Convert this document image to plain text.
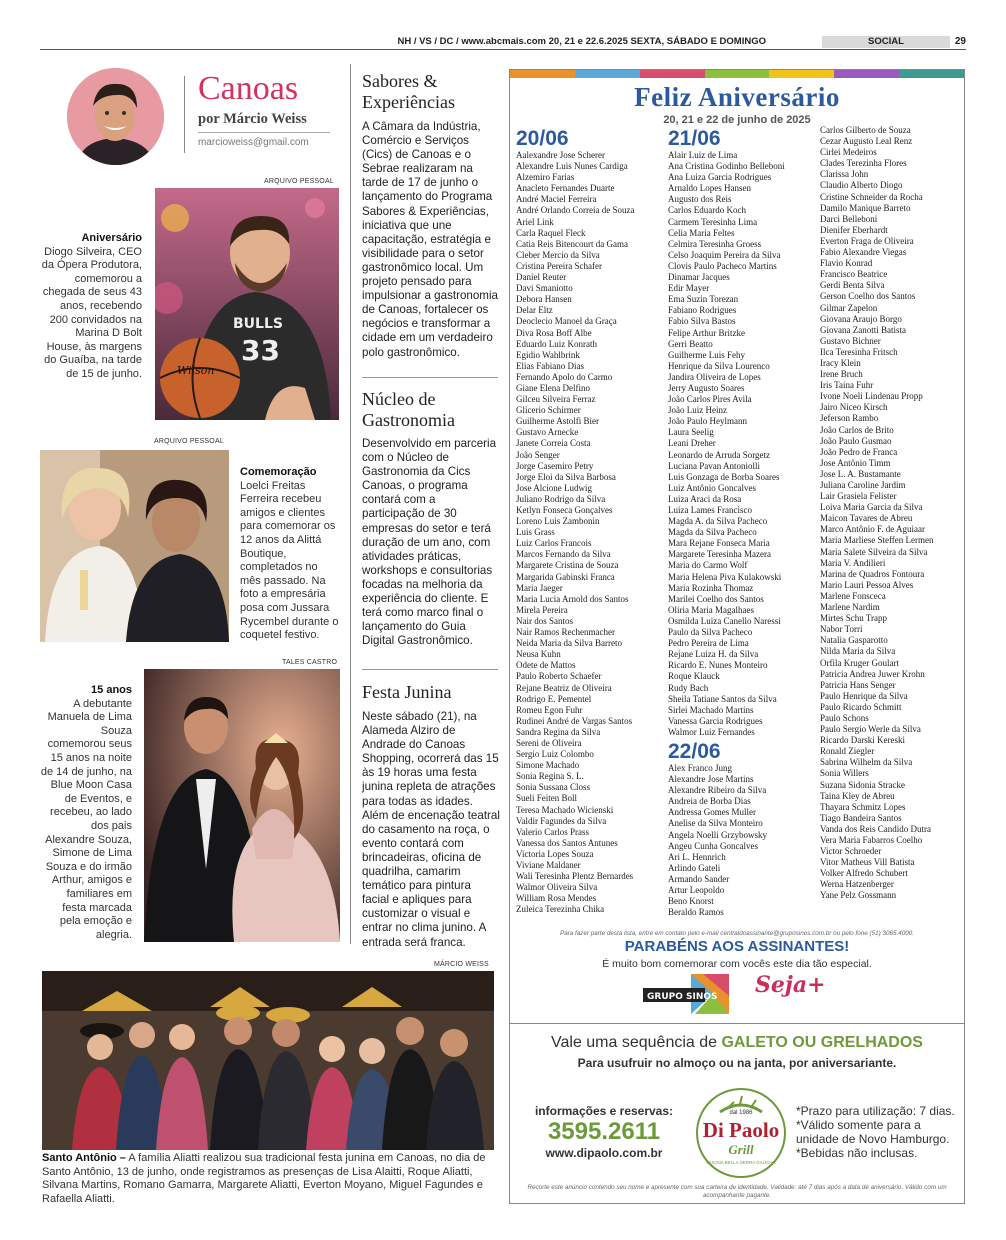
NH / VS / DC / www.abcmais.com 20, 21 e 22.6.2025 SEXTA, SÁBADO E DOMINGO	SOCIAL	29
Canoas
por Márcio Weiss
marcioweiss@gmail.com
ARQUIVO PESSOAL
BULLS
33
Wilson
Aniversário
Diogo Silveira, CEO da Ópera Produtora, comemorou a chegada de seus 43 anos, recebendo 200 convidados na Marina D Bolt House, às margens do Guaíba, na tarde de 15 de junho.
ARQUIVO PESSOAL
Comemoração
Loelci Freitas Ferreira recebeu amigos e clientes para comemorar os 12 anos da Alittá Boutique, completados no mês passado. Na foto a empresária posa com Jussara Rycembel durante o coquetel festivo.
TALES CASTRO
15 anos
A debutante Manuela de Lima Souza comemorou seus 15 anos na noite de 14 de junho, na Blue Moon Casa de Eventos, e recebeu, ao lado dos pais Alexandre Souza, Simone de Lima Souza e do irmão Arthur, amigos e familiares em festa marcada pela emoção e alegria.
MÁRCIO WEISS
Santo Antônio – A família Aliatti realizou sua tradicional festa junina em Canoas, no dia de Santo Antônio, 13 de junho, onde registramos as presenças de Lisa Alaitti, Roque Aliatti, Silvana Martins, Romano Gamarra, Margarete Aliatti, Everton Moyano, Miguel Fagundes e Rafaella Aliatti.
Sabores & Experiências
A Câmara da Indústria, Comércio e Serviços (Cics) de Canoas e o Sebrae realizaram na tarde de 17 de junho o lançamento do Programa Sabores & Experiências, iniciativa que une capacitação, estratégia e visibilidade para o setor gastronômico local. Um projeto pensado para impulsionar a gastronomia de Canoas, fortalecer os negócios e transformar a cidade em um verdadeiro polo gastronômico.
Núcleo de Gastronomia
Desenvolvido em parceria com o Núcleo de Gastronomia da Cics Canoas, o programa contará com a participação de 30 empresas do setor e terá duração de um ano, com atividades práticas, workshops e consultorias focadas na melhoria da experiência do cliente. E terá como marco final o lançamento do Guia Digital Gastronômico.
Festa Junina
Neste sábado (21), na Alameda Alziro de Andrade do Canoas Shopping, ocorrerá das 15 às 19 horas uma festa junina repleta de atrações para todas as idades. Além de encenação teatral do casamento na roça, o evento contará com brincadeiras, oficina de quadrilha, camarim temático para pintura facial e apliques para customizar o visual e entrar no clima junino. A entrada será franca.
Feliz Aniversário
20, 21 e 22 de junho de 2025
20/06
Aalexandre Jose Scherer
Alexandre Luis Nunes Cardiga
Alzemiro Farias
Anacleto Fernandes Duarte
André Maciel Ferreira
André Orlando Correia de Souza
Ariel Link
Carla Raquel Fleck
Catia Reis Bitencourt da Gama
Cleber Mercio da Silva
Cristina Pereira Schafer
Daniel Reuter
Davi Smaniotto
Debora Hansen
Delar Eltz
Deoclecio Manoel da Graça
Diva Rosa Boff Albe
Eduardo Luiz Konrath
Egidio Wahlbrink
Elias Fabiano Dias
Fernando Apolo do Carmo
Giane Elena Delfino
Gilceu Silveira Ferraz
Glicerio Schirmer
Guilherme Astolfi Bier
Gustavo Arnecke
Janete Correia Costa
João Senger
Jorge Casemiro Petry
Jorge Eloi da Silva Barbosa
Jose Alcione Ludwig
Juliano Rodrigo da Silva
Ketlyn Fonseca Gonçalves
Loreno Luis Zambonin
Luis Grass
Luiz Carlos Francois
Marcos Fernando da Silva
Margarete Cristina de Souza
Margarida Gabinski Franca
Maria Jaeger
Maria Lucia Arnold dos Santos
Mirela Pereira
Nair dos Santos
Nair Ramos Rechenmacher
Neida Maria da Silva Barreto
Neusa Kuhn
Odete de Mattos
Paulo Roberto Schaefer
Rejane Beatriz de Oliveira
Rodrigo E. Pementel
Romeu Egon Fuhr
Rudinei André de Vargas Santos
Sandra Regina da Silva
Sereni de Oliveira
Sergio Luiz Colombo
Simone Machado
Sonia Regina S. L.
Sonia Sussana Closs
Sueli Feiten Boll
Teresa Machado Wicienski
Valdir Fagundes da Silva
Valerio Carlos Prass
Vanessa dos Santos Antunes
Victoria Lopes Souza
Viviane Maldaner
Wali Teresinha Plentz Bernardes
Walmor Oliveira Silva
William Rosa Mendes
Zuleica Terezinha Chika
21/06
Alair Luiz de Lima
Ana Cristina Godinho Belleboni
Ana Luiza Garcia Rodrigues
Arnaldo Lopes Hansen
Augusto dos Reis
Carlos Eduardo Koch
Carmem Teresinha Lima
Celia Maria Feltes
Celmira Teresinha Groess
Celso Joaquim Pereira da Silva
Clovis Paulo Pacheco Martins
Dinamar Jacques
Edir Mayer
Ema Suzin Torezan
Fabiano Rodrigues
Fabio Silva Bastos
Felipe Arthur Britzke
Gerri Beatto
Guilherme Luis Fehy
Henrique da Silva Lourenco
Jandira Oliveira de Lopes
Jerry Augusto Soares
João Carlos Pires Avila
João Luiz Heinz
João Paulo Heylmann
Laura Seelig
Leani Dreher
Leonardo de Arruda Sorgetz
Luciana Pavan Antoniolli
Luis Gonzaga de Borba Soares
Luiz Antônio Goncalves
Luiza Araci da Rosa
Luiza Lames Francisco
Magda A. da Silva Pacheco
Magda da Silva Pacheco
Mara Rejane Fonseca Maria
Margarete Teresinha Mazera
Maria do Carmo Wolf
Maria Helena Piva Kulakowski
Maria Rozinha Thomaz
Marilei Coelho dos Santos
Oliria Maria Magalhaes
Osmilda Luiza Canello Naressi
Paulo da Silva Pacheco
Pedro Pereira de Lima
Rejane Luiza H. da Silva
Ricardo E. Nunes Monteiro
Roque Klauck
Rudy Bach
Sheila Tatiane Santos da Silva
Sirlei Machado Martins
Vanessa Garcia Rodrigues
Walmor Luiz Fernandes
22/06
Alex Franco Jung
Alexandre Jose Martins
Alexandre Ribeiro da Silva
Andreia de Borba Dias
Andressa Gomes Muller
Anelise da Silva Monteiro
Angela Noelli Grzybowsky
Angeu Cunha Goncalves
Ari L. Hennrich
Arlindo Gateli
Armando Sander
Artur Leopoldo
Beno Knorst
Beraldo Ramos
Carlos Gilberto de Souza
Cezar Augusto Leal Renz
Cirlei Medeiros
Clades Terezinha Flores
Clarissa John
Claudio Alberto Diogo
Cristine Schneider da Rocha
Damilo Manique Barreto
Darci Belleboni
Dienifer Eberhardt
Everton Fraga de Oliveira
Fabio Alexandre Viegas
Flavio Konrad
Francisco Beatrice
Gerdi Benta Silva
Gerson Coelho dos Santos
Gilmar Zapelon
Giovana Araujo Borgo
Giovana Zanotti Batista
Gustavo Bichner
Ilca Teresinha Fritsch
Iracy Klein
Irene Bruch
Iris Taina Fuhr
Ivone Noeli Lindenau Propp
Jairo Niceo Kirsch
Jeferson Rambo
João Carlos de Brito
João Paulo Gusmao
João Pedro de Franca
Jose Antônio Timm
Jose L. A. Bustamante
Juliana Caroline Jardim
Lair Grasiela Felister
Loiva Maria Garcia da Silva
Maicon Tavares de Abreu
Marco Antônio F. de Aguiaar
Maria Marliese Steffen Lermen
Maria Salete Silveira da Silva
Maria V. Andilieri
Marina de Quadros Fontoura
Mario Lauri Pessoa Alves
Marlene Fonsceca
Marlene Nardim
Mirtes Schu Trapp
Nabor Torri
Natalia Gasparotto
Nilda Maria da Silva
Orfila Kruger Goulart
Patricia Andrea Juwer Krohn
Patricia Hans Senger
Paulo Henrique da Silva
Paulo Ricardo Schmitt
Paulo Schons
Paulo Sergio Werle da Silva
Ricardo Darski Kereski
Ronald Ziegler
Sabrina Wilhelm da Silva
Sonia Willers
Suzana Sidonia Stracke
Taina Kley de Abreu
Thayara Schmitz Lopes
Tiago Bandeira Santos
Vanda dos Reis Candido Dutra
Vera Maria Fabarros Coelho
Victor Schroeder
Vitor Matheus Vill Batista
Volker Alfredo Schubert
Werna Hatzenberger
Yane Pelz Gossmann
Para fazer parte desta lista, entre em contato pelo e-mail centraldoassinante@gruposinos.com.br ou pelo fone (51) 3065.4000.
PARABÉNS AOS ASSINANTES!
É muito bom comemorar com vocês este dia tão especial.
GRUPO SINOS Seja+
Vale uma sequência de GALETO OU GRELHADOS
Para usufruir no almoço ou na janta, por aniversariante.
informações e reservas:
3595.2611
www.dipaolo.com.br
dal 1986
Di Paolo
Grill
CUCINA BELLA SERRA GAÚCHA
*Prazo para utilização: 7 dias.
*Válido somente para a unidade de Novo Hamburgo.
*Bebidas não inclusas.
Recorte este anúncio contendo seu nome e apresente com sua carteira de identidade. Validade: até 7 dias após a data de aniversário. Válido com um acompanhante pagante.
